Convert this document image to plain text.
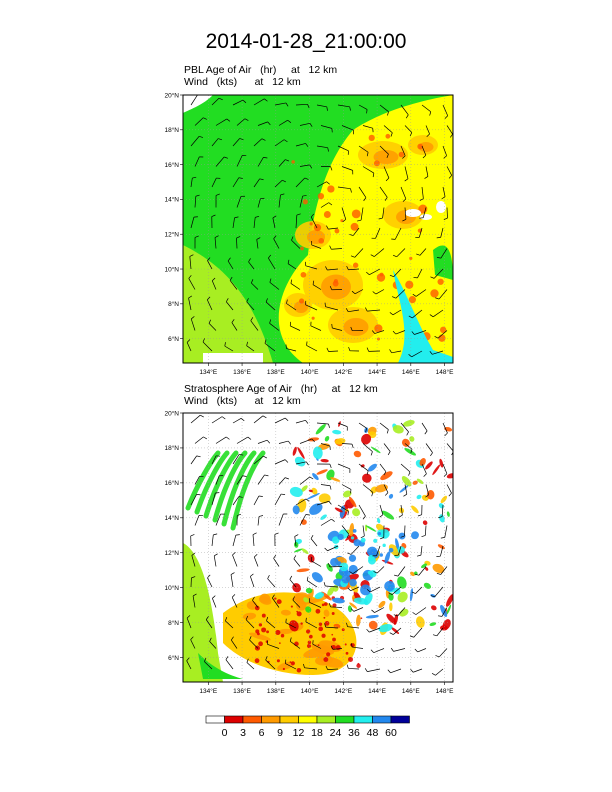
2014-01-28_21:00:00
PBL Age of Air   (hr)     at   12 km
Wind   (kts)      at   12 km
Stratosphere Age of Air   (hr)     at   12 km
Wind   (kts)      at   12 km
134°E 136°E 138°E 140°E 142°E 144°E 146°E 148°E
20°N
18°N
16°N
14°N
12°N
10°N
8°N
6°N
134°E 136°E 138°E 140°E 142°E 144°E 146°E 148°E
20°N
18°N
16°N
14°N
12°N
10°N
8°N
6°N
0 3 6 9 12 18 24 36 48 60
